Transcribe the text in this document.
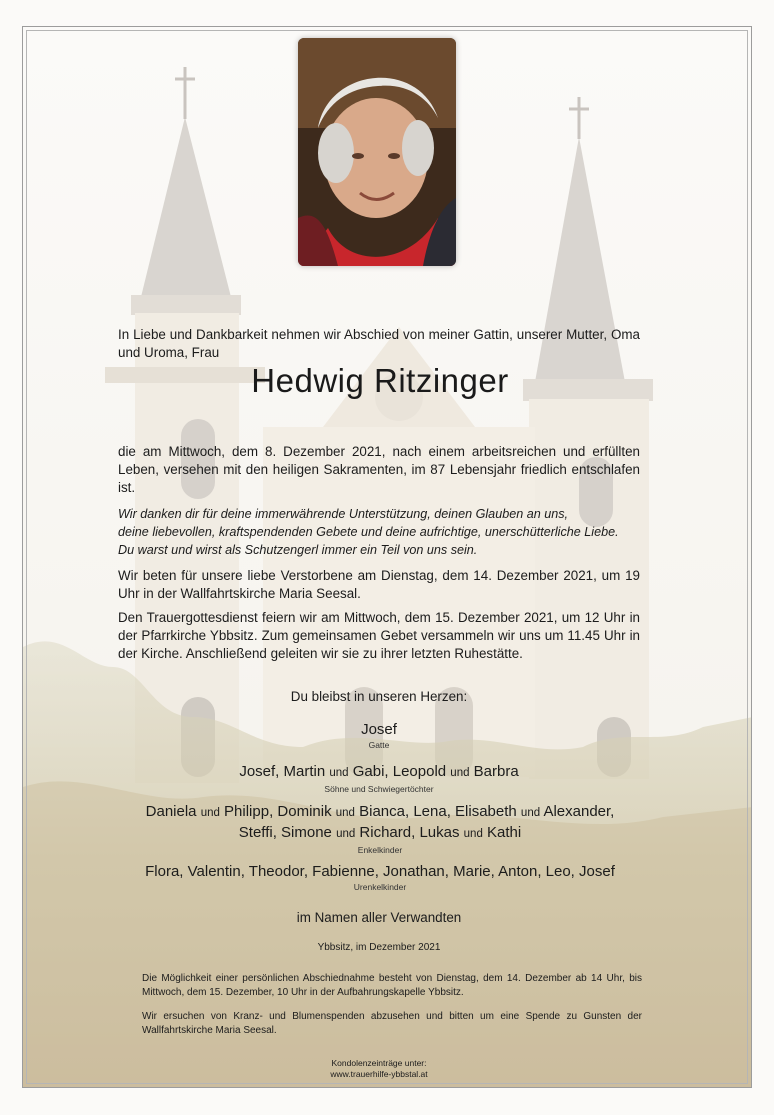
In Liebe und Dankbarkeit nehmen wir Abschied von meiner Gattin, unserer Mutter, Oma und Uroma, Frau
Hedwig Ritzinger
die am Mittwoch, dem 8. Dezember 2021, nach einem arbeitsreichen und erfüllten Leben, versehen mit den heiligen Sakramenten, im 87 Lebensjahr friedlich entschlafen ist.
Wir danken dir für deine immerwährende Unterstützung, deinen Glauben an uns,
deine liebevollen, kraftspendenden Gebete und deine aufrichtige, unerschütterliche Liebe.
Du warst und wirst als Schutzengerl immer ein Teil von uns sein.
Wir beten für unsere liebe Verstorbene am Dienstag, dem 14. Dezember 2021, um 19 Uhr in der Wallfahrtskirche Maria Seesal.
Den Trauergottesdienst feiern wir am Mittwoch, dem 15. Dezember 2021, um 12 Uhr in der Pfarrkirche Ybbsitz. Zum gemeinsamen Gebet versammeln wir uns um 11.45 Uhr in der Kirche. Anschließend geleiten wir sie zu ihrer letzten Ruhestätte.
Du bleibst in unseren Herzen:
Josef
Gatte
Josef, Martin und Gabi, Leopold und Barbra
Söhne und Schwiegertöchter
Daniela und Philipp, Dominik und Bianca, Lena, Elisabeth und Alexander,
Steffi, Simone und Richard, Lukas und Kathi
Enkelkinder
Flora, Valentin, Theodor, Fabienne, Jonathan, Marie, Anton, Leo, Josef
Urenkelkinder
im Namen aller Verwandten
Ybbsitz, im Dezember 2021
Die Möglichkeit einer persönlichen Abschiednahme besteht von Dienstag, dem 14. Dezember ab 14 Uhr, bis Mittwoch, dem 15. Dezember, 10 Uhr in der Aufbahrungskapelle Ybbsitz.
Wir ersuchen von Kranz- und Blumenspenden abzusehen und bitten um eine Spende zu Gunsten der Wallfahrtskirche Maria Seesal.
Kondolenzeinträge unter:
www.trauerhilfe-ybbstal.at
